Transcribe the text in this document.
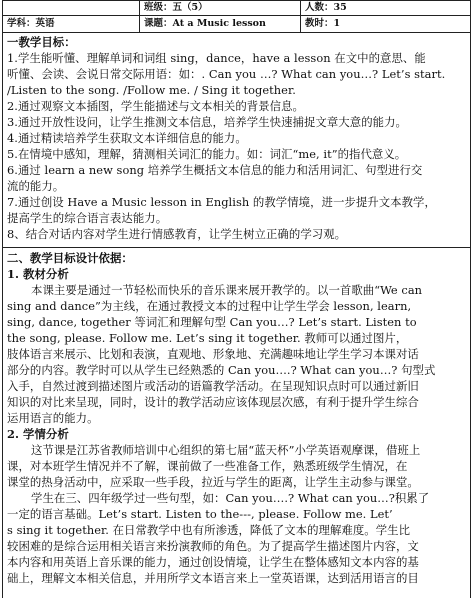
班级：五（5）	人数：35
学科：英语	课题：At a Music lesson	教时：1
一教学目标：
1.学生能听懂、理解单词和词组 sing，dance，have a lesson 在文中的意思、能
听懂、会读、会说日常交际用语：如：. Can you …? What can you…? Let’s start.
/Listen to the song. /Follow me. / Sing it together.
2.通过观察文本插图，学生能描述与文本相关的背景信息。
3.通过开放性设问，让学生推测文本信息，培养学生快速捕捉文章大意的能力。
4.通过精读培养学生获取文本详细信息的能力。
5.在情境中感知，理解，猜测相关词汇的能力。如：词汇“me, it”的指代意义。
6.通过 learn a new song 培养学生概括文本信息的能力和活用词汇、句型进行交
流的能力。
7.通过创设 Have a Music lesson in English 的教学情境，进一步提升文本教学，
提高学生的综合语言表达能力。
8、结合对话内容对学生进行情感教育，让学生树立正确的学习观。
二、教学目标设计依据：
1. 教材分析
本课主要是通过一节轻松而快乐的音乐课来展开教学的。以一首歌曲“We can
sing and dance”为主线，在通过教授文本的过程中让学生学会 lesson, learn,
sing, dance, together 等词汇和理解句型 Can you…? Let’s start. Listen to
the song, please. Follow me. Let’s sing it together. 教师可以通过图片，
肢体语言来展示、比划和表演，直观地、形象地、充满趣味地让学生学习本课对话
部分的内容。教学时可以从学生已经熟悉的 Can you….? What can you…? 句型式
入手，自然过渡到描述图片或活动的语篇教学活动。在呈现知识点时可以通过新旧
知识的对比来呈现，同时，设计的教学活动应该体现层次感，有利于提升学生综合
运用语言的能力。
2. 学情分析
这节课是江苏省教师培训中心组织的第七届“蓝天杯”小学英语观摩课，借班上
课，对本班学生情况并不了解，课前做了一些准备工作，熟悉班级学生情况，在
课堂的热身活动中，应采取一些手段，拉近与学生的距离，让学生主动参与课堂。
学生在三、四年级学过一些句型，如：Can you….? What can you…?积累了
一定的语言基础。Let’s start. Listen to the---, please. Follow me. Let’
s sing it together. 在日常教学中也有所渗透，降低了文本的理解难度。学生比
较困难的是综合运用相关语言来扮演教师的角色。为了提高学生描述图片内容，文
本内容和用英语上音乐课的能力，通过创设情境，让学生在整体感知文本内容的基
础上，理解文本相关信息，并用所学文本语言来上一堂英语课，达到活用语言的目
